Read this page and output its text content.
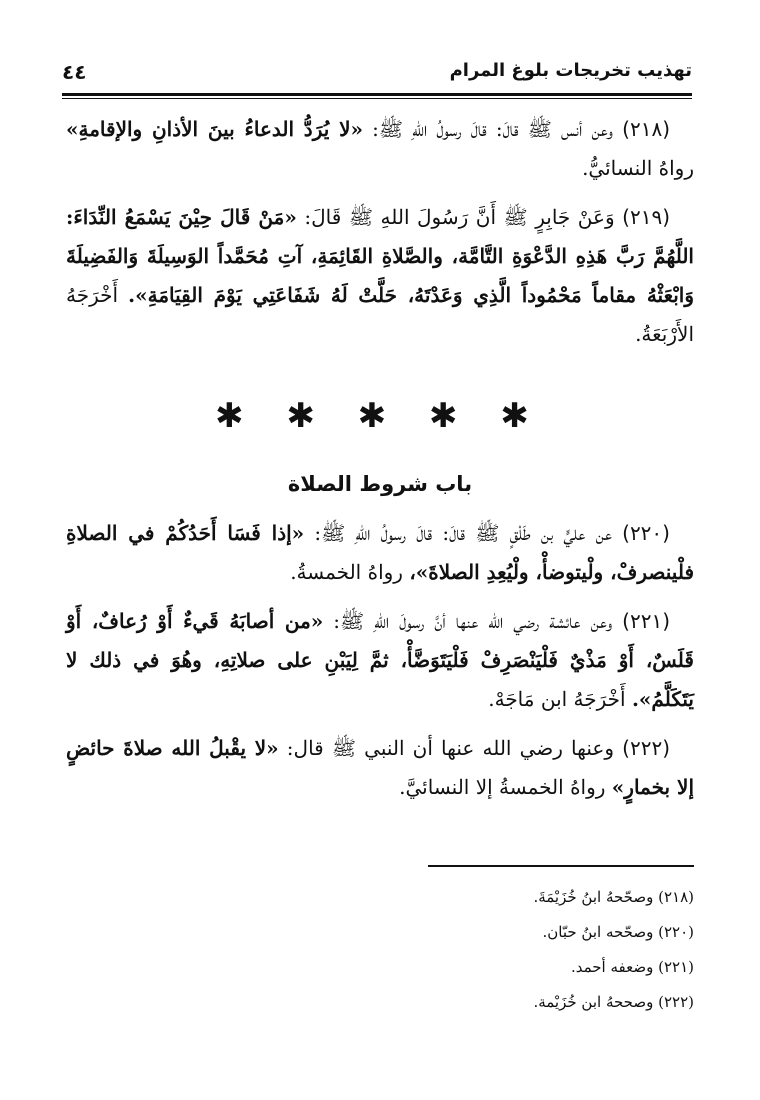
تهذيب تخريجات بلوغ المرام
٤٤

(٢١٨) وعن أنس ﷺ قالَ: قالَ رسولُ اللهِ ﷺ: «لا يُرَدُّ الدعاءُ بينَ الأذانِ والإقامةِ» رواهُ النسائيُّ.

(٢١٩) وَعَنْ جَابِرٍ ﷺ أَنَّ رَسُولَ اللهِ ﷺ قَالَ: «مَنْ قَالَ حِيْنَ يَسْمَعُ النِّدَاءَ: اللَّهُمَّ رَبَّ هَذِهِ الدَّعْوَةِ التَّامَّة، والصَّلاةِ القَائِمَةِ، آتِ مُحَمَّداً الوَسِيلَةَ وَالفَضِيلَةَ وَابْعَثْهُ مقاماً مَحْمُوداً الَّذِي وَعَدْتَهُ، حَلَّتْ لَهُ شَفَاعَتِي يَوْمَ القِيَامَةِ». أَخْرَجَهُ الأَرْبَعَةُ.

✱ ✱ ✱ ✱ ✱
باب شروط الصلاة

(٢٢٠) عن عليٍّ بن طَلْقٍ ﷺ قالَ: قالَ رسولُ اللهِ ﷺ: «إذا فَسَا أَحَدُكُمْ في الصلاةِ فلْينصرفْ، ولْيتوضأْ، ولْيُعِدِ الصلاةَ»، رواهُ الخمسةُ.

(٢٢١) وعن عائشة رضي الله عنها أنَّ رسولَ اللهِ ﷺ: «من أصابَهُ قَيءٌ أَوْ رُعافٌ، أَوْ قَلَسٌ، أَوْ مَذْيٌ فَلْيَنْصَرِفْ فَلْيَتَوَضَّأْ، ثمَّ لِيَبْنِ على صلاتِهِ، وهُوَ في ذلك لا يَتَكَلَّمُ». أَخْرَجَهُ ابن مَاجَهْ.

(٢٢٢) وعنها رضي الله عنها أن النبي ﷺ قال: «لا يقْبلُ الله صلاةَ حائضٍ إلا بخمارٍ» رواهُ الخمسةُ إلا النسائيَّ.

(٢١٨) وصحّحهُ ابنُ خُزَيْمَةَ.

(٢٢٠) وصحّحه ابنُ حبّان.

(٢٢١) وضعفه أحمد.

(٢٢٢) وصححهُ ابن خُزَيْمة.
